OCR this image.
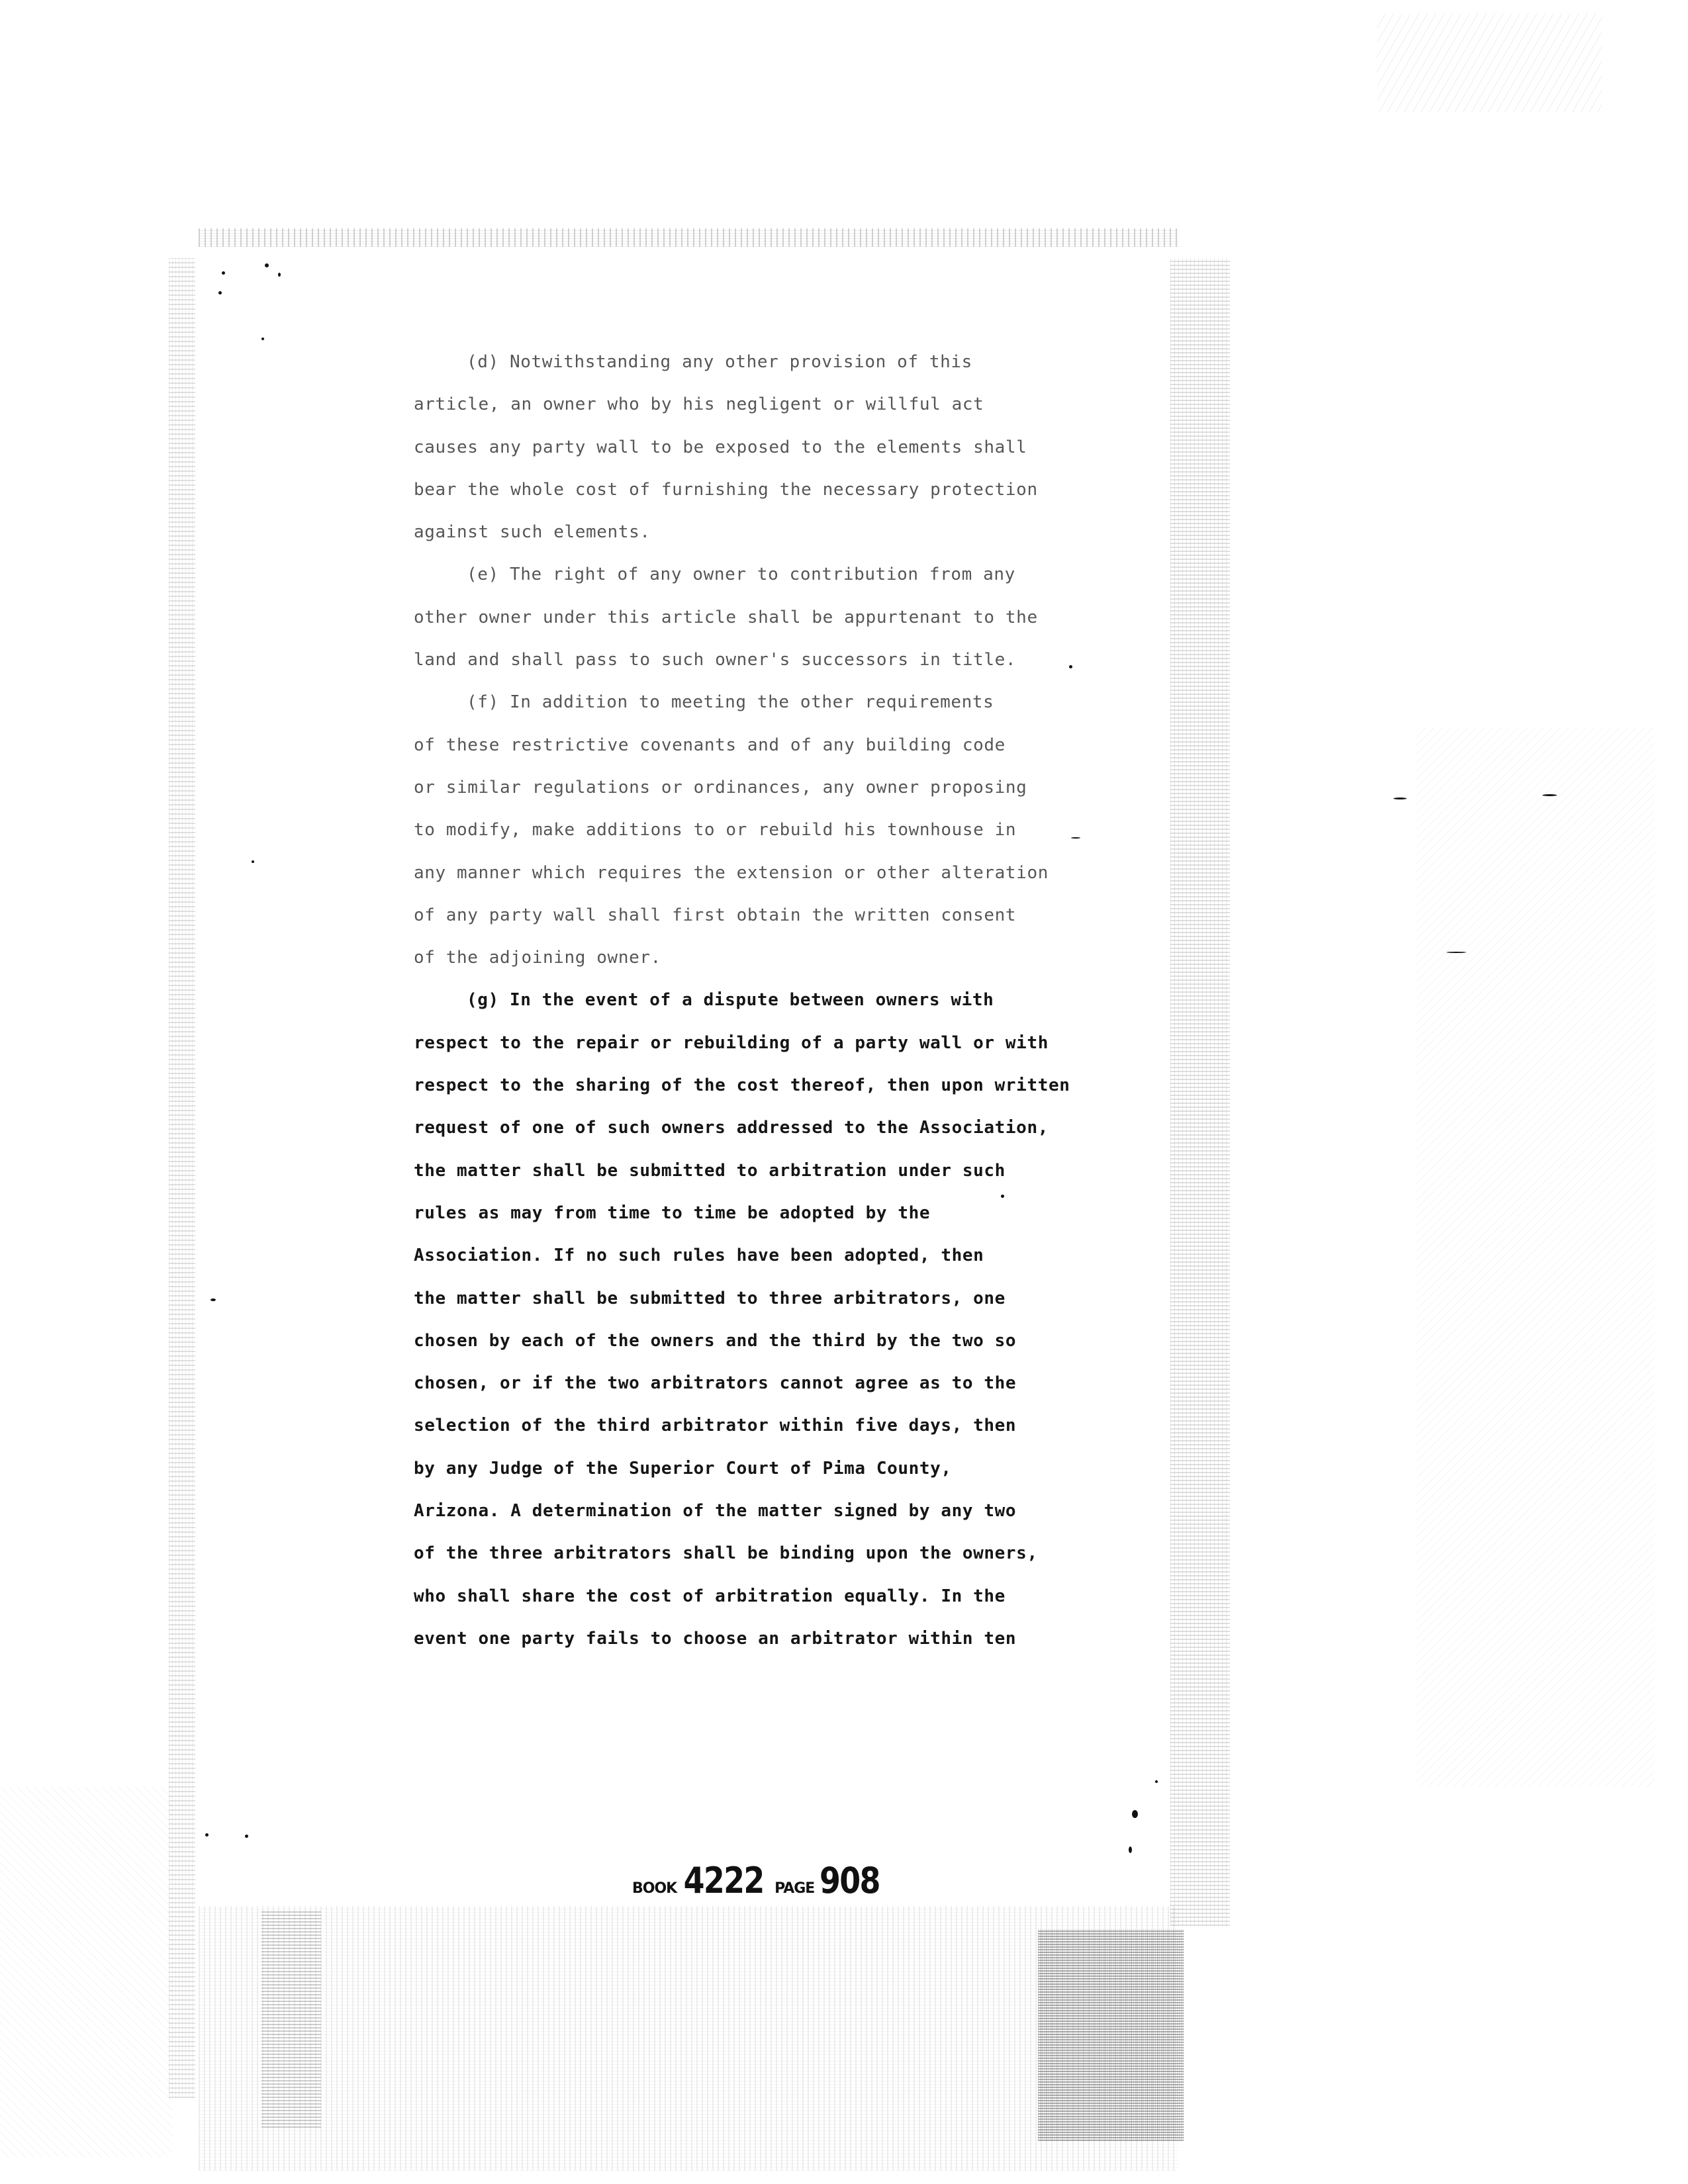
(d) Notwithstanding any other provision of this
article, an owner who by his negligent or willful act
causes any party wall to be exposed to the elements shall
bear the whole cost of furnishing the necessary protection
against such elements.
(e) The right of any owner to contribution from any
other owner under this article shall be appurtenant to the
land and shall pass to such owner's successors in title.
(f) In addition to meeting the other requirements
of these restrictive covenants and of any building code
or similar regulations or ordinances, any owner proposing
to modify, make additions to or rebuild his townhouse in
any manner which requires the extension or other alteration
of any party wall shall first obtain the written consent
of the adjoining owner.
(g) In the event of a dispute between owners with
respect to the repair or rebuilding of a party wall or with
respect to the sharing of the cost thereof, then upon written
request of one of such owners addressed to the Association,
the matter shall be submitted to arbitration under such
rules as may from time to time be adopted by the
Association. If no such rules have been adopted, then
the matter shall be submitted to three arbitrators, one
chosen by each of the owners and the third by the two so
chosen, or if the two arbitrators cannot agree as to the
selection of the third arbitrator within five days, then
by any Judge of the Superior Court of Pima County,
Arizona. A determination of the matter signed by any two
of the three arbitrators shall be binding upon the owners,
who shall share the cost of arbitration equally. In the
event one party fails to choose an arbitrator within ten
BOOK 4222 PAGE 908
